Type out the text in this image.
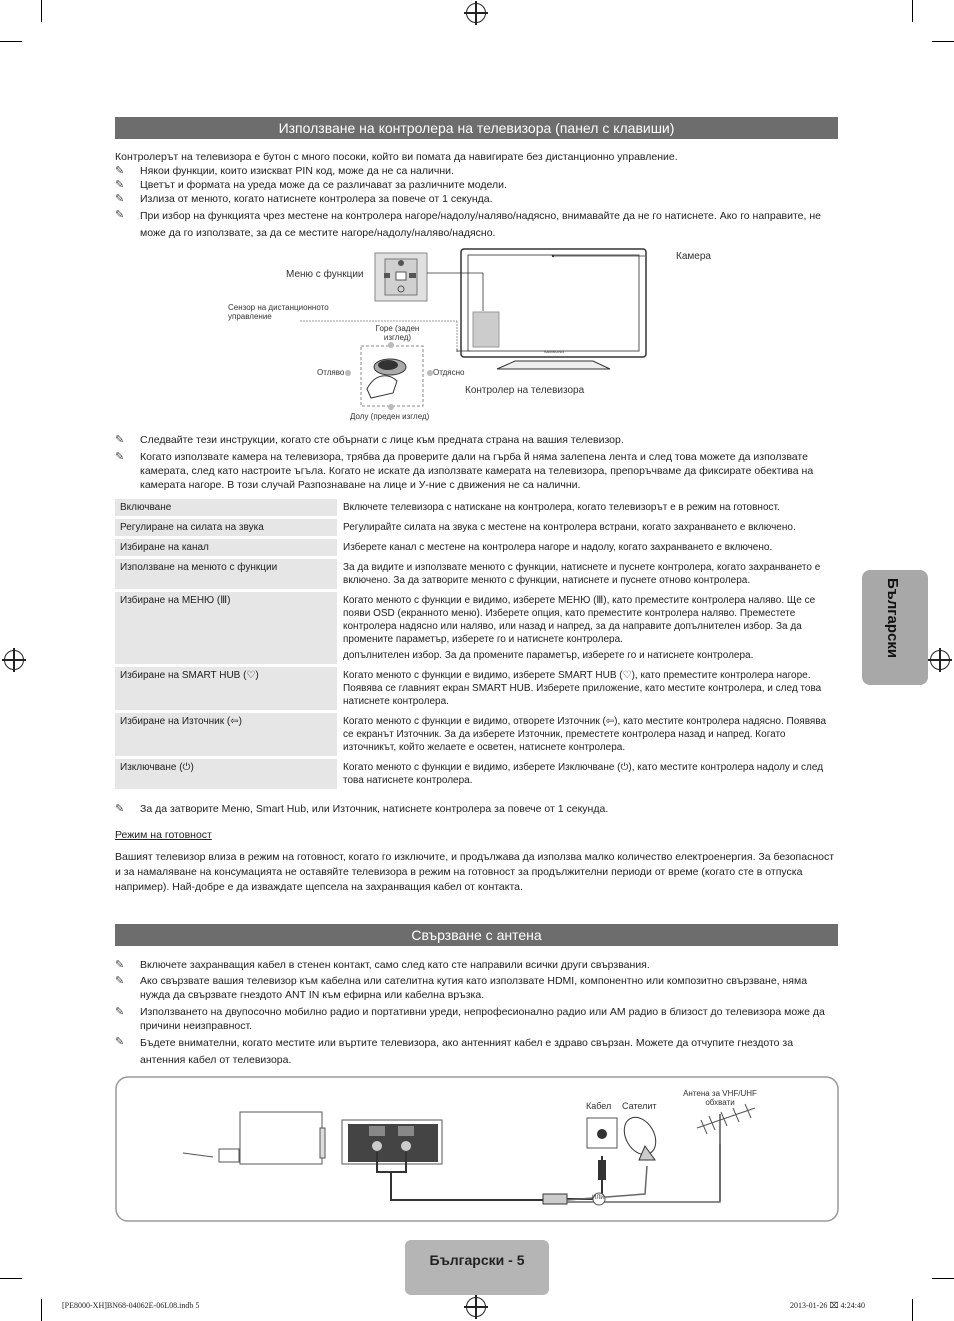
Използване на контролера на телевизора (панел с клавиши)
Контролерът на телевизора е бутон с много посоки, който ви помата да навигирате без дистанционно управление.
✎ Някои функции, които изискват PIN код, може да не са налични.
✎ Цветът и формата на уреда може да се различават за различните модели.
✎ Излиза от менюто, когато натиснете контролера за повече от 1 секунда.
✎ При избор на функцията чрез местене на контролера нагоре/надолу/наляво/надясно, внимавайте да не го натиснете. Ако го направите, не може да го използвате, за да се местите нагоре/надолу/наляво/надясно.
SAMSUNG
Меню с функции
Сензор на дистанционното управление
Горе (заден изглед)
Отляво	Отдясно
Долу (преден изглед)
Камера
Контролер на телевизора
✎ Следвайте тези инструкции, когато сте обърнати с лице към предната страна на вашия телевизор.
✎ Когато използвате камера на телевизора, трябва да проверите дали на гърба й няма залепена лента и след това можете да използвате камерата, след като настроите ъгъла. Когато не искате да използвате камерата на телевизора, препоръчваме да фиксирате обектива на камерата нагоре. В този случай Разпознаване на лице и У-ние с движения не са налични.
Включване	Включете телевизора с натискане на контролера, когато телевизорът е в режим на готовност.
Регулиране на силата на звука	Регулирайте силата на звука с местене на контролера встрани, когато захранването е включено.
Избиране на канал	Изберете канал с местене на контролера нагоре и надолу, когато захранването е включено.
Използване на менюто с функции	За да видите и използвате менюто с функции, натиснете и пуснете контролера, когато захранването е включено. За да затворите менюто с функции, натиснете и пуснете отново контролера.
Избиране на МЕНЮ (Ⅲ)	Когато менюто с функции е видимо, изберете МЕНЮ (Ⅲ), като преместите контролера наляво. Ще се появи OSD (екранното меню). Изберете опция, като преместите контролера наляво. Преместете контролера надясно или наляво, или назад и напред, за да направите допълнителен избор. За да промените параметър, изберете го и натиснете контролера.
допълнителен избор. За да промените параметър, изберете го и натиснете контролера.

Избиране на SMART HUB (♡)	Когато менюто с функции е видимо, изберете SMART HUB (♡), като преместите контролера нагоре. Появява се главният екран SMART HUB. Изберете приложение, като местите контролера, и след това натиснете контролера.
Избиране на Източник (⇦)	Когато менюто с функции е видимо, отворете Източник (⇦), като местите контролера надясно. Появява се екранът Източник. За да изберете Източник, преместете контролера назад и напред. Когато източникът, който желаете е осветен, натиснете контролера.
Изключване (⏻)	Когато менюто с функции е видимо, изберете Изключване (⏻), като местите контролера надолу и след това натиснете контролера.
✎ За да затворите Меню, Smart Hub, или Източник, натиснете контролера за повече от 1 секунда.
Режим на готовност
Вашият телевизор влиза в режим на готовност, когато го изключите, и продължава да използва малко количество електроенергия. За безопасност и за намаляване на консумацията не оставяйте телевизора в режим на готовност за продължителни периоди от време (когато сте в отпуска например). Най-добре е да изваждате щепсела на захранващия кабел от контакта.
Свързване с антена
✎ Включете захранващия кабел в стенен контакт, само след като сте направили всички други свързвания.
✎ Ако свързвате вашия телевизор към кабелна или сателитна кутия като използвате HDMI, компонентно или композитно свързване, няма нужда да свързвате гнездото ANT IN към ефирна или кабелна връзка.
✎ Използването на двупосочно мобилно радио и портативни уреди, непрофесионално радио или AM радио в близост до телевизора може да причини неизправност.
✎ Бъдете внимателни, когато местите или въртите телевизора, ако антенният кабел е здраво свързан. Можете да отчупите гнездото за антенния кабел от телевизора.
Кабел Сателит
Антена за VHF/UHF обхвати
ИЛИ
Български
Български - 5
[PE8000-XH]BN68-04062E-06L08.indb 5	2013-01-26 ⌧ 4:24:40
